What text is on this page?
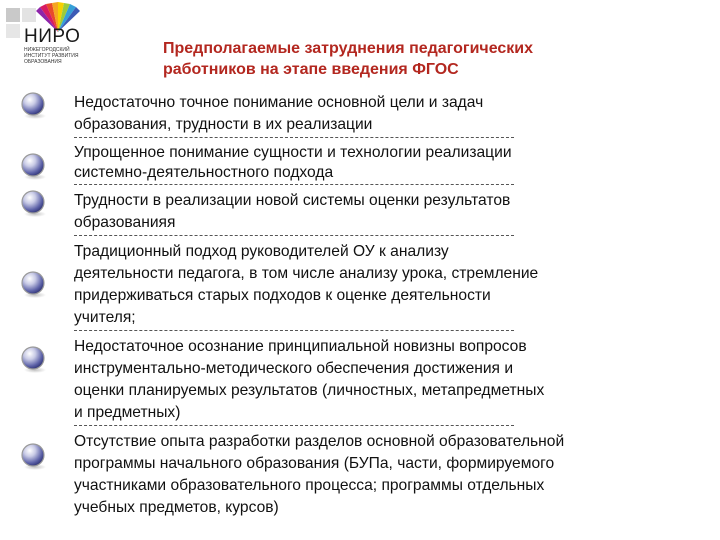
НИРО
НИЖЕГОРОДСКИЙ ИНСТИТУТ РАЗВИТИЯ ОБРАЗОВАНИЯ
Предполагаемые затруднения педагогических
работников на этапе введения ФГОС
Недостаточно точное понимание основной цели и задач
образования, трудности в их реализации
Упрощенное понимание сущности и технологии реализации
системно-деятельностного подхода
Трудности в реализации новой системы оценки результатов
образованияя
Традиционный подход руководителей ОУ к анализу
деятельности педагога, в том числе анализу урока, стремление
придерживаться старых подходов к оценке деятельности
учителя;
Недостаточное осознание принципиальной новизны вопросов
инструментально-методического обеспечения достижения и
оценки планируемых результатов (личностных, метапредметных
и предметных)
Отсутствие опыта разработки разделов основной образовательной
программы начального образования (БУПа, части, формируемого
участниками образовательного процесса; программы отдельных
учебных предметов, курсов)
